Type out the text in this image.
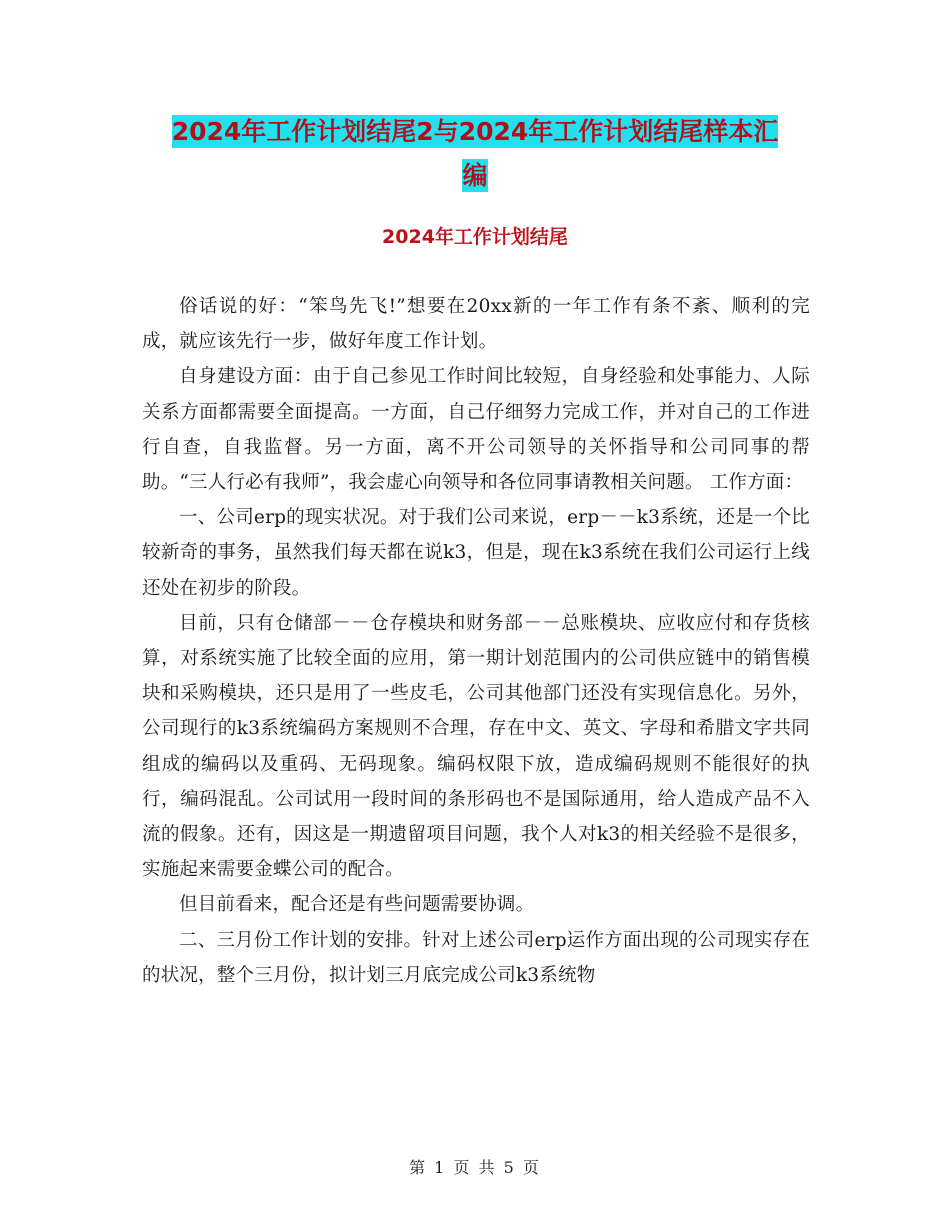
2024年工作计划结尾2与2024年工作计划结尾样本汇
编
2024年工作计划结尾

俗话说的好：“笨鸟先飞!”想要在20xx新的一年工作有条不紊、顺利的完成，就应该先行一步，做好年度工作计划。

自身建设方面：由于自己参见工作时间比较短，自身经验和处事能力、人际关系方面都需要全面提高。一方面，自己仔细努力完成工作，并对自己的工作进行自查，自我监督。另一方面，离不开公司领导的关怀指导和公司同事的帮助。“三人行必有我师”，我会虚心向领导和各位同事请教相关问题。 工作方面：

一、公司erp的现实状况。对于我们公司来说，erp－－k3系统，还是一个比较新奇的事务，虽然我们每天都在说k3，但是，现在k3系统在我们公司运行上线还处在初步的阶段。

目前，只有仓储部－－仓存模块和财务部－－总账模块、应收应付和存货核算，对系统实施了比较全面的应用，第一期计划范围内的公司供应链中的销售模块和采购模块，还只是用了一些皮毛，公司其他部门还没有实现信息化。另外，公司现行的k3系统编码方案规则不合理，存在中文、英文、字母和希腊文字共同组成的编码以及重码、无码现象。编码权限下放，造成编码规则不能很好的执行，编码混乱。公司试用一段时间的条形码也不是国际通用，给人造成产品不入流的假象。还有，因这是一期遗留项目问题，我个人对k3的相关经验不是很多，实施起来需要金蝶公司的配合。

但目前看来，配合还是有些问题需要协调。

二、三月份工作计划的安排。针对上述公司erp运作方面出现的公司现实存在的状况，整个三月份，拟计划三月底完成公司k3系统物

第 1 页 共 5 页
